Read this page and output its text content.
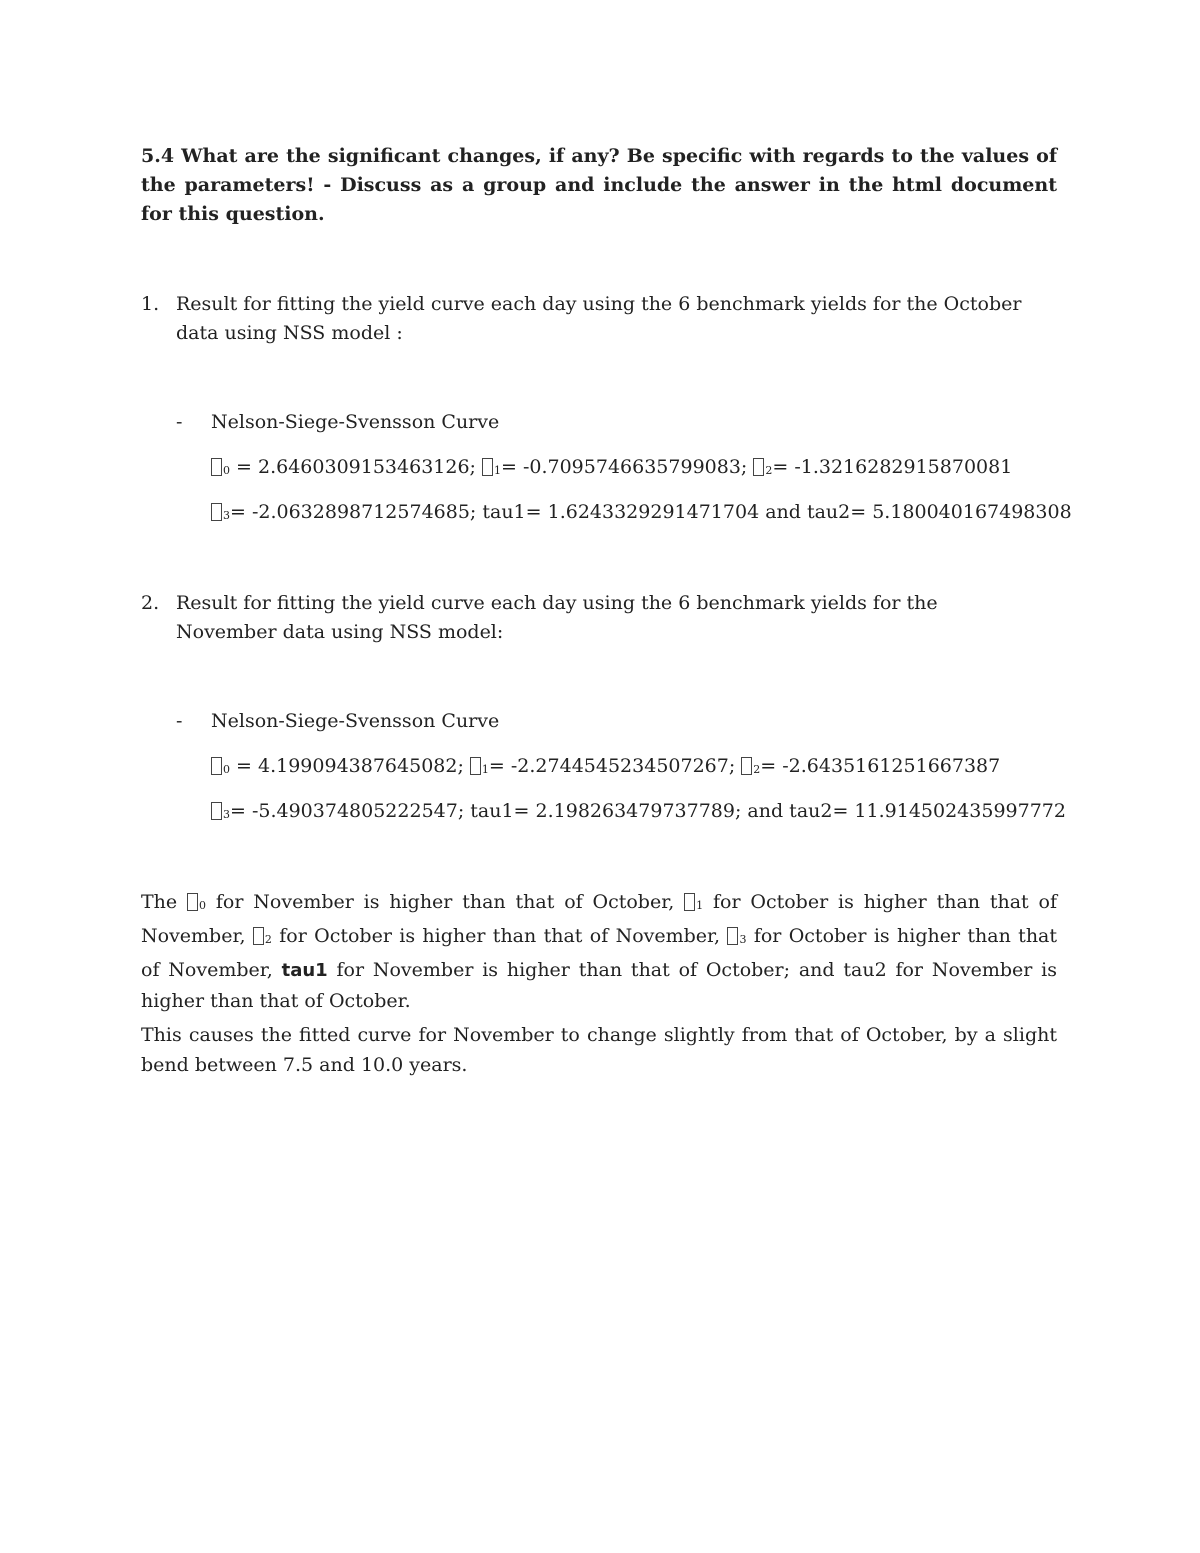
5.4 What are the significant changes, if any? Be specific with regards to the values of the parameters! - Discuss as a group and include the answer in the html document for this question.

1. Result for fitting the yield curve each day using the 6 benchmark yields for the October data using NSS model :

- Nelson-Siege-Svensson Curve

0 = 2.6460309153463126; 1= -0.7095746635799083; 2= -1.3216282915870081

3= -2.0632898712574685; tau1= 1.6243329291471704 and tau2= 5.180040167498308

2. Result for fitting the yield curve each day using the 6 benchmark yields for the November data using NSS model:

- Nelson-Siege-Svensson Curve

0 = 4.199094387645082; 1= -2.2744545234507267; 2= -2.6435161251667387

3= -5.490374805222547; tau1= 2.198263479737789; and tau2= 11.914502435997772

The 0 for November is higher than that of October, 1 for October is higher than that of November, 2 for October is higher than that of November, 3 for October is higher than that of November, tau1 for November is higher than that of October; and tau2 for November is higher than that of October.

This causes the fitted curve for November to change slightly from that of October, by a slight bend between 7.5 and 10.0 years.
